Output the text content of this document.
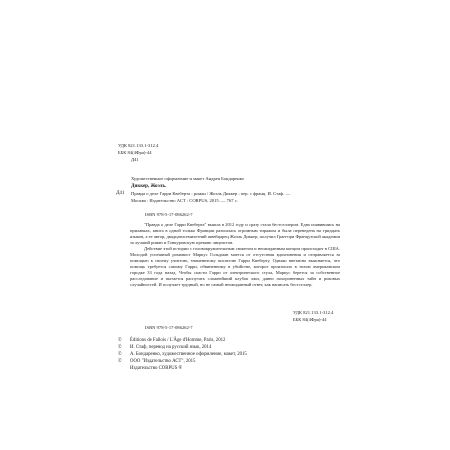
УДК 821.133.1-312.4
ББК 84(4Фра)-44
Д41
Художественное оформление и макет Андрея Бондаренко
Диккер, Жоэль.
Д41 Правда о деле Гарри Квеберта : роман / Жоэль Диккер ; пер. с франц. И. Стаф. —
Москва : Издательство АСТ : CORPUS, 2015. — 767 с.
ISBN 978-5-17-086262-7

"Правда о деле Гарри Квеберта" вышла в 2012 году и сразу стала бестселлером. Едва появившись на прилавках, книга в одной только Франции разошлась огромным тиражом и была переведена на тридцать языков, а ее автор, двадцатисемилетний швейцарец Жоэль Диккер, получил Гран-при Французской академии за лучший роман и Гонкуровскую премию лицеистов.

Действие этой истории с головокружительным сюжетом и неожиданным концом происходит в США. Молодой успешный романист Маркус Гольдман мается от отсутствия вдохновения и отправляется за помощью к своему учителю, знаменитому писателю Гарри Квеберту. Однако внезапно выясняется, что помощь требуется самому Гарри, обвиненному в убийстве, которое произошло в тихом американском городке 33 года назад. Чтобы спасти Гарри от электрического стула, Маркус берется за собственное расследование и пытается распутать сложнейший клубок лжи, давно похороненных тайн и роковых случайностей. И получает трудный, но не самый неожиданный ответ, как написать бестселлер.

УДК 821.133.1-312.4
ББК 84(4Фра)-44
ISBN 978-5-17-086262-7
© Éditions de Fallois / L'Âge d'Homme, Paris, 2012
© И. Стаф, перевод на русский язык, 2014
© А. Бондаренко, художественное оформление, макет, 2015
© ООО "Издательство АСТ", 2015
Издательство CORPUS ®
